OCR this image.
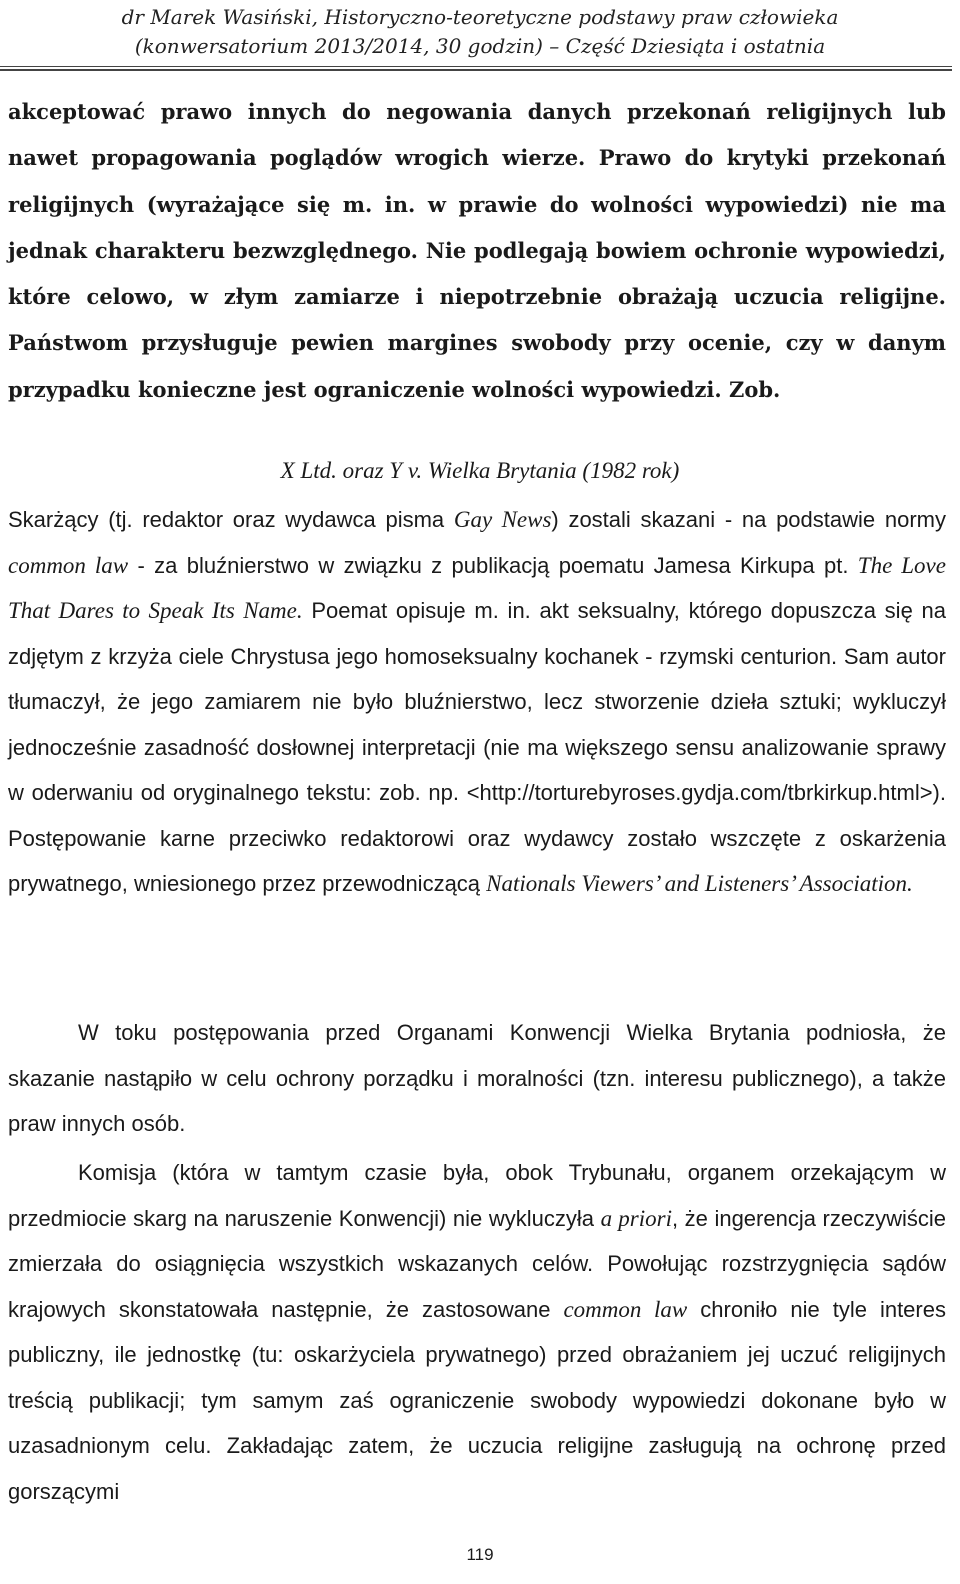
dr Marek Wasiński, Historyczno-teoretyczne podstawy praw człowieka
(konwersatorium 2013/2014, 30 godzin) – Część Dziesiąta i ostatnia
akceptować prawo innych do negowania danych przekonań religijnych lub nawet propagowania poglądów wrogich wierze. Prawo do krytyki przekonań religijnych (wyrażające się m. in. w prawie do wolności wypowiedzi) nie ma jednak charakteru bezwzględnego. Nie podlegają bowiem ochronie wypowiedzi, które celowo, w złym zamiarze i niepotrzebnie obrażają uczucia religijne. Państwom przysługuje pewien margines swobody przy ocenie, czy w danym przypadku konieczne jest ograniczenie wolności wypowiedzi. Zob.
X Ltd. oraz Y v. Wielka Brytania (1982 rok)
Skarżący (tj. redaktor oraz wydawca pisma Gay News) zostali skazani - na podstawie normy common law - za bluźnierstwo w związku z publikacją poematu Jamesa Kirkupa pt. The Love That Dares to Speak Its Name. Poemat opisuje m. in. akt seksualny, którego dopuszcza się na zdjętym z krzyża ciele Chrystusa jego homoseksualny kochanek - rzymski centurion. Sam autor tłumaczył, że jego zamiarem nie było bluźnierstwo, lecz stworzenie dzieła sztuki; wykluczył jednocześnie zasadność dosłownej interpretacji (nie ma większego sensu analizowanie sprawy w oderwaniu od oryginalnego tekstu: zob. np. <http://torturebyroses.gydja.com/tbrkirkup.html>). Postępowanie karne przeciwko redaktorowi oraz wydawcy zostało wszczęte z oskarżenia prywatnego, wniesionego przez przewodniczącą Nationals Viewers’ and Listeners’ Association.
W toku postępowania przed Organami Konwencji Wielka Brytania podniosła, że skazanie nastąpiło w celu ochrony porządku i moralności (tzn. interesu publicznego), a także praw innych osób.
Komisja (która w tamtym czasie była, obok Trybunału, organem orzekającym w przedmiocie skarg na naruszenie Konwencji) nie wykluczyła a priori, że ingerencja rzeczywiście zmierzała do osiągnięcia wszystkich wskazanych celów. Powołując rozstrzygnięcia sądów krajowych skonstatowała następnie, że zastosowane common law chroniło nie tyle interes publiczny, ile jednostkę (tu: oskarżyciela prywatnego) przed obrażaniem jej uczuć religijnych treścią publikacji; tym samym zaś ograniczenie swobody wypowiedzi dokonane było w uzasadnionym celu. Zakładając zatem, że uczucia religijne zasługują na ochronę przed gorszącymi
119
